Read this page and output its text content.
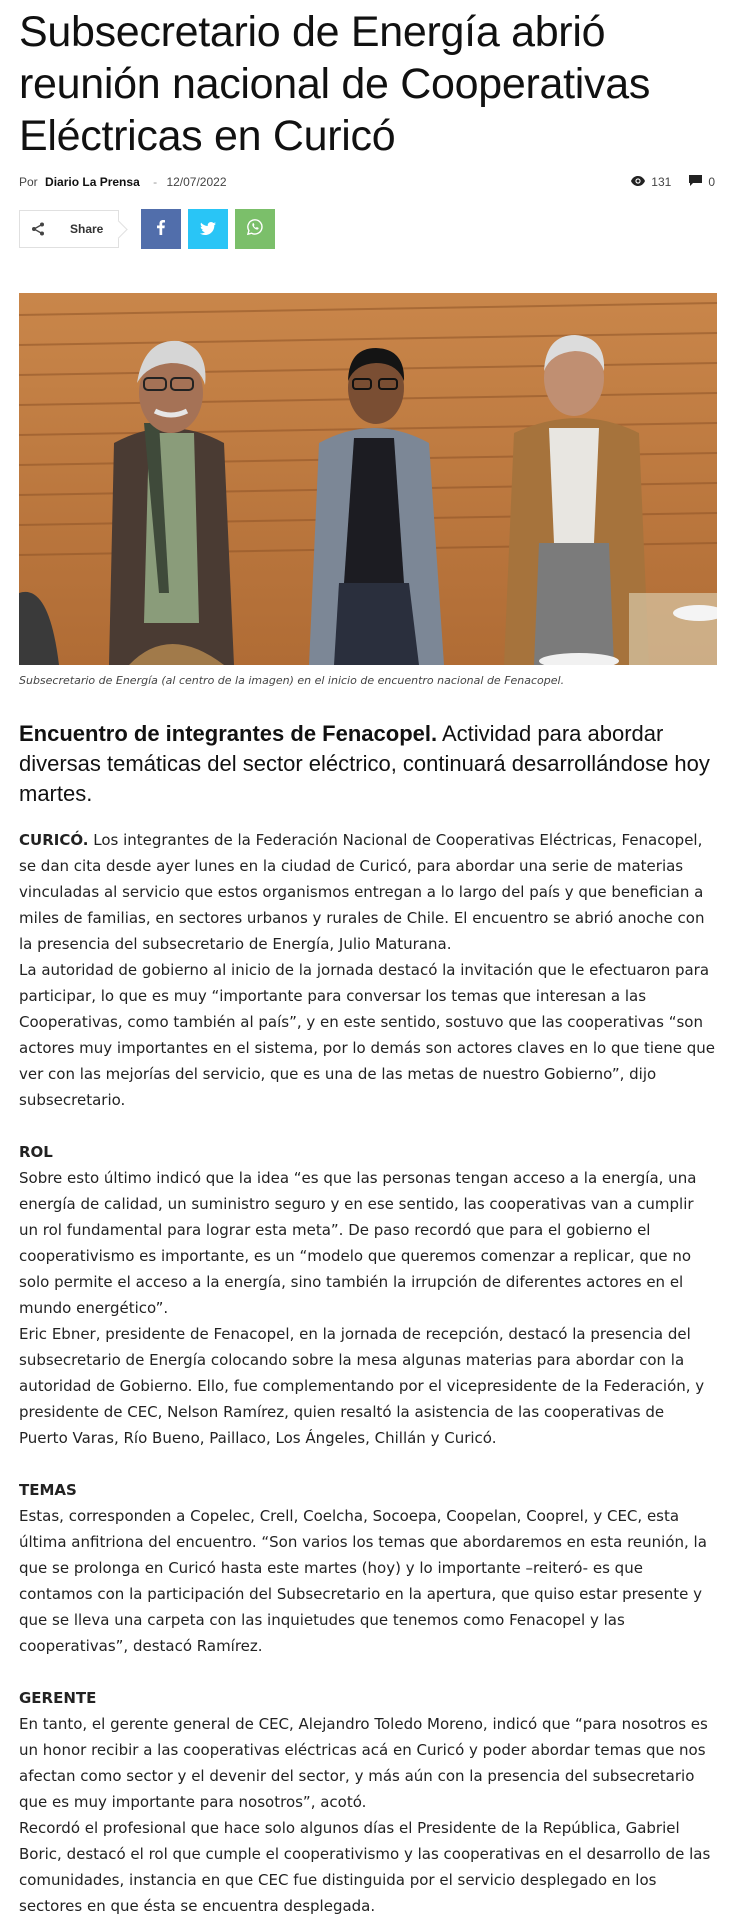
Subsecretario de Energía abrió reunión nacional de Cooperativas Eléctricas en Curicó
Por Diario La Prensa - 12/07/2022	131	0
Share
Subsecretario de Energía (al centro de la imagen) en el inicio de encuentro nacional de Fenacopel.
Encuentro de integrantes de Fenacopel. Actividad para abordar diversas temáticas del sector eléctrico, continuará desarrollándose hoy martes.

CURICÓ. Los integrantes de la Federación Nacional de Cooperativas Eléctricas, Fenacopel, se dan cita desde ayer lunes en la ciudad de Curicó, para abordar una serie de materias vinculadas al servicio que estos organismos entregan a lo largo del país y que benefician a miles de familias, en sectores urbanos y rurales de Chile. El encuentro se abrió anoche con la presencia del subsecretario de Energía, Julio Maturana.

La autoridad de gobierno al inicio de la jornada destacó la invitación que le efectuaron para participar, lo que es muy “importante para conversar los temas que interesan a las Cooperativas, como también al país”, y en este sentido, sostuvo que las cooperativas “son actores muy importantes en el sistema, por lo demás son actores claves en lo que tiene que ver con las mejorías del servicio, que es una de las metas de nuestro Gobierno”, dijo subsecretario.

ROL

Sobre esto último indicó que la idea “es que las personas tengan acceso a la energía, una energía de calidad, un suministro seguro y en ese sentido, las cooperativas van a cumplir un rol fundamental para lograr esta meta”. De paso recordó que para el gobierno el cooperativismo es importante, es un “modelo que queremos comenzar a replicar, que no solo permite el acceso a la energía, sino también la irrupción de diferentes actores en el mundo energético”.

Eric Ebner, presidente de Fenacopel, en la jornada de recepción, destacó la presencia del subsecretario de Energía colocando sobre la mesa algunas materias para abordar con la autoridad de Gobierno. Ello, fue complementando por el vicepresidente de la Federación, y presidente de CEC, Nelson Ramírez, quien resaltó la asistencia de las cooperativas de Puerto Varas, Río Bueno, Paillaco, Los Ángeles, Chillán y Curicó.

TEMAS

Estas, corresponden a Copelec, Crell, Coelcha, Socoepa, Coopelan, Cooprel, y CEC, esta última anfitriona del encuentro. “Son varios los temas que abordaremos en esta reunión, la que se prolonga en Curicó hasta este martes (hoy) y lo importante –reiteró- es que contamos con la participación del Subsecretario en la apertura, que quiso estar presente y que se lleva una carpeta con las inquietudes que tenemos como Fenacopel y las cooperativas”, destacó Ramírez.

GERENTE

En tanto, el gerente general de CEC, Alejandro Toledo Moreno, indicó que “para nosotros es un honor recibir a las cooperativas eléctricas acá en Curicó y poder abordar temas que nos afectan como sector y el devenir del sector, y más aún con la presencia del subsecretario que es muy importante para nosotros”, acotó.

Recordó el profesional que hace solo algunos días el Presidente de la República, Gabriel Boric, destacó el rol que cumple el cooperativismo y las cooperativas en el desarrollo de las comunidades, instancia en que CEC fue distinguida por el servicio desplegado en los sectores en que ésta se encuentra desplegada.
